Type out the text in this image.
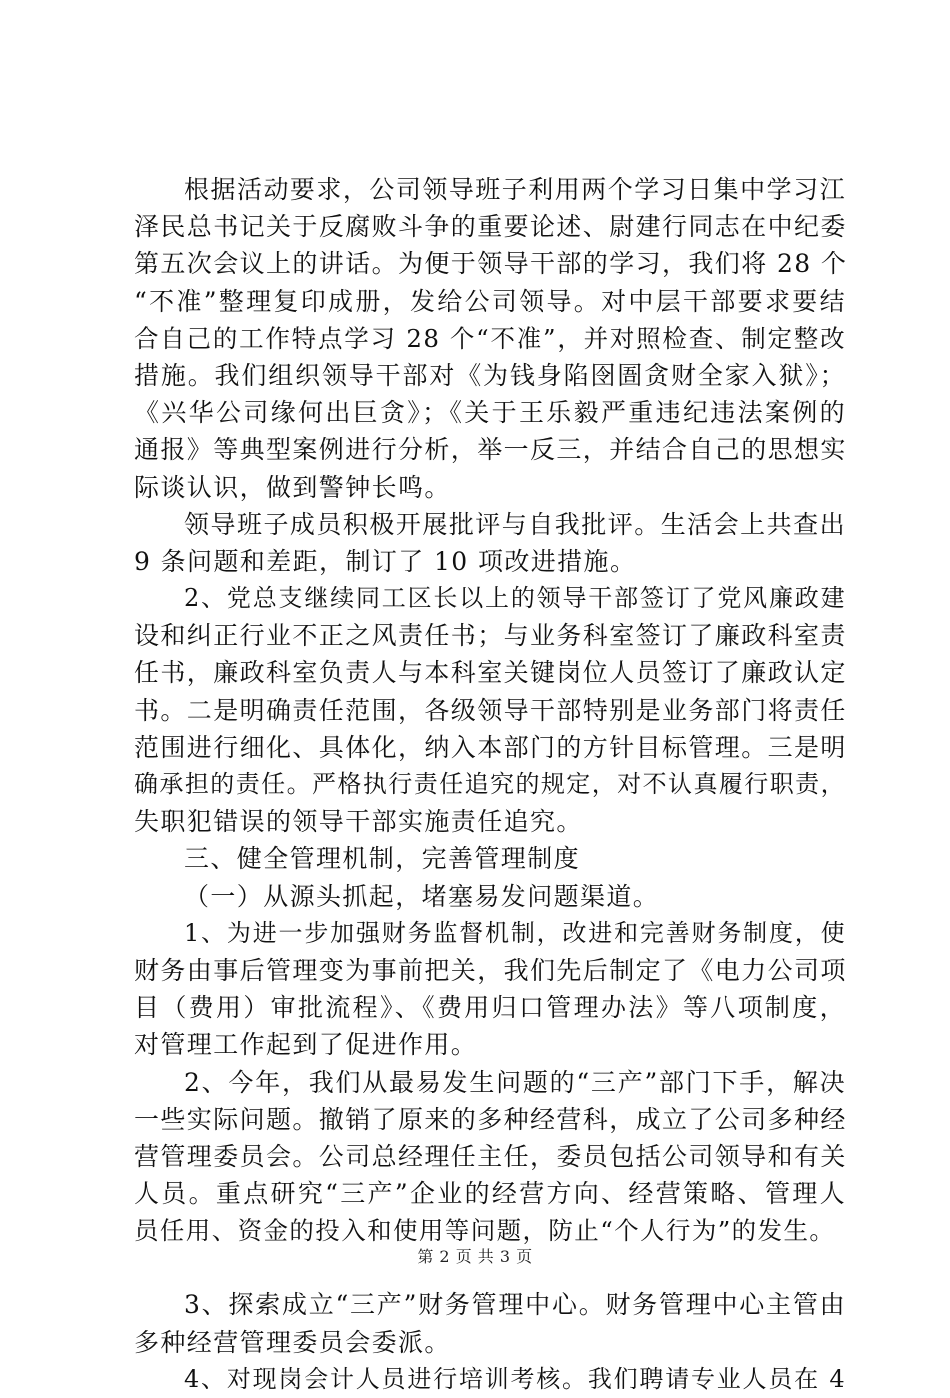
根据活动要求，公司领导班子利用两个学习日集中学习江
泽民总书记关于反腐败斗争的重要论述、尉建行同志在中纪委
第五次会议上的讲话。为便于领导干部的学习，我们将 28 个
“不准”整理复印成册，发给公司领导。对中层干部要求要结
合自己的工作特点学习 28 个“不准”，并对照检查、制定整改
措施。我们组织领导干部对《为钱身陷囹圄贪财全家入狱》；
《兴华公司缘何出巨贪》；《关于王乐毅严重违纪违法案例的
通报》等典型案例进行分析，举一反三，并结合自己的思想实
际谈认识，做到警钟长鸣。
领导班子成员积极开展批评与自我批评。生活会上共查出
9 条问题和差距，制订了 10 项改进措施。
2、党总支继续同工区长以上的领导干部签订了党风廉政建
设和纠正行业不正之风责任书；与业务科室签订了廉政科室责
任书，廉政科室负责人与本科室关键岗位人员签订了廉政认定
书。二是明确责任范围，各级领导干部特别是业务部门将责任
范围进行细化、具体化，纳入本部门的方针目标管理。三是明
确承担的责任。严格执行责任追究的规定，对不认真履行职责，
失职犯错误的领导干部实施责任追究。
三、健全管理机制，完善管理制度
（一）从源头抓起，堵塞易发问题渠道。
1、为进一步加强财务监督机制，改进和完善财务制度，使
财务由事后管理变为事前把关，我们先后制定了《电力公司项
目（费用）审批流程》、《费用归口管理办法》等八项制度，
对管理工作起到了促进作用。
2、今年，我们从最易发生问题的“三产”部门下手，解决
一些实际问题。撤销了原来的多种经营科，成立了公司多种经
营管理委员会。公司总经理任主任，委员包括公司领导和有关
人员。重点研究“三产”企业的经营方向、经营策略、管理人
员任用、资金的投入和使用等问题，防止“个人行为”的发生。
3、探索成立“三产”财务管理中心。财务管理中心主管由
多种经营管理委员会委派。
4、对现岗会计人员进行培训考核。我们聘请专业人员在 4
第 2 页 共 3 页
